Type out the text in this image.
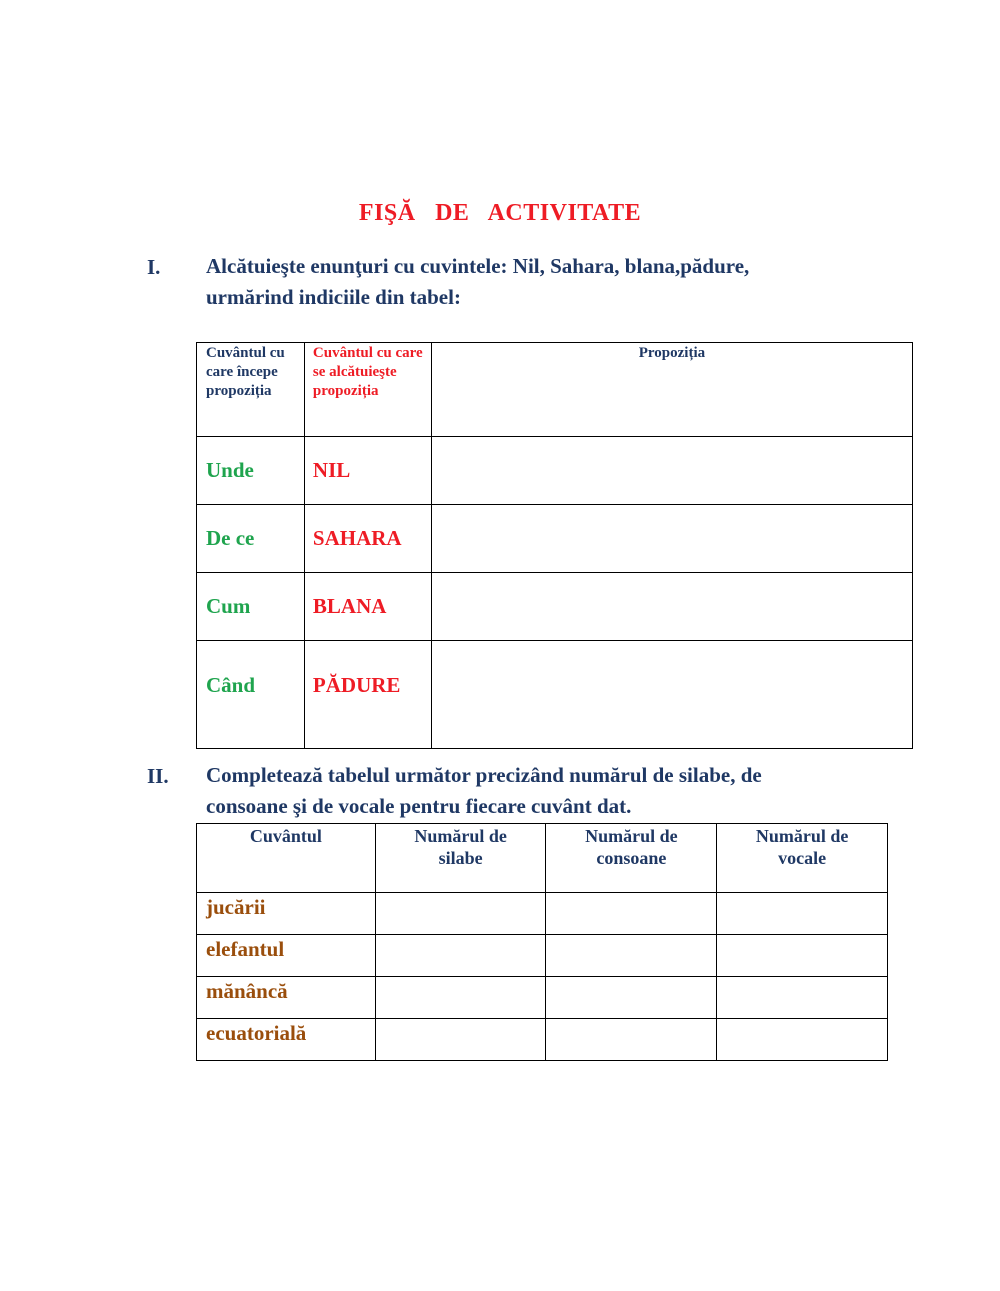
FIŞĂ   DE   ACTIVITATE
I. Alcătuieşte enunţuri cu cuvintele: Nil, Sahara, blana,pădure,
urmărind indiciile din tabel:
Cuvântul cu care începe propoziția	Cuvântul cu care se alcătuieşte propoziția	Propoziția
Unde	NIL	
De ce	SAHARA	
Cum	BLANA	
Când	PĂDURE	
II. Completează tabelul următor precizând numărul de silabe, de
consoane şi de vocale pentru fiecare cuvânt dat.
Cuvântul	Numărul de silabe	Numărul de consoane	Numărul de vocale
jucării			
elefantul			
mănâncă			
ecuatorială			
